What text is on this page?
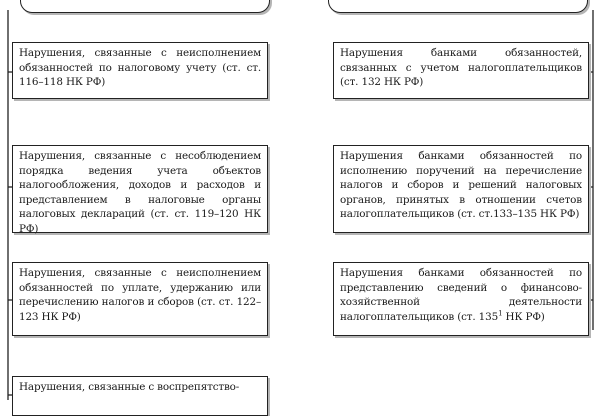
Нарушения, связанные с неисполнением обязанностей по налоговому учету (ст. ст. 116–118 НК РФ)
Нарушения, связанные с несоблюдением порядка ведения учета объектов налогообложения, доходов и расходов и представлением в налоговые органы налоговых деклараций (ст. ст. 119–120 НК РФ)
Нарушения, связанные с неисполнением обязанностей по уплате, удержанию или перечислению налогов и сборов (ст. ст. 122–123 НК РФ)
Нарушения, связанные с воспрепятство-
Нарушения банками обязанностей, связанных с учетом налогоплательщиков (ст. 132 НК РФ)
Нарушения банками обязанностей по исполнению поручений на перечисление налогов и сборов и решений налоговых органов, принятых в отношении счетов налогоплательщиков (ст. ст.133–135 НК РФ)
Нарушения банками обязанностей по представлению сведений о финансово-хозяйственной деятельности налогоплательщиков (ст. $135^1$ НК РФ)
